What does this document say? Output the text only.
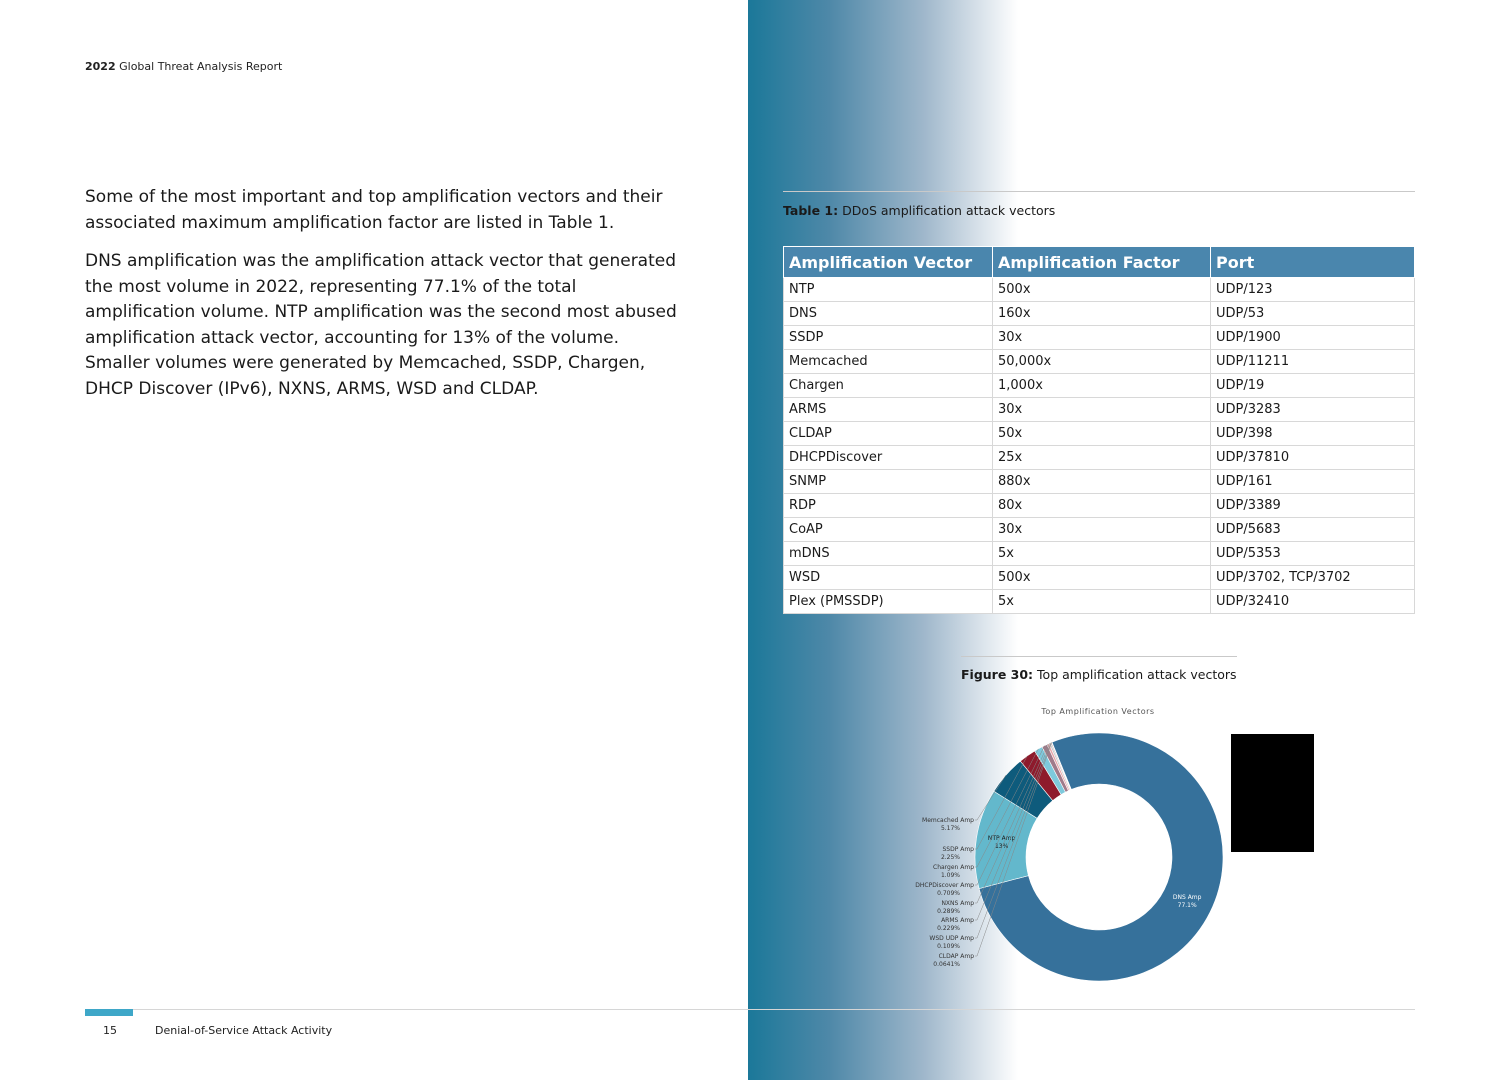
2022 Global Threat Analysis Report

Some of the most important and top amplification vectors and their associated maximum amplification factor are listed in Table 1.

DNS amplification was the amplification attack vector that generated the most volume in 2022, representing 77.1% of the total amplification volume. NTP amplification was the second most abused amplification attack vector, accounting for 13% of the volume. Smaller volumes were generated by Memcached, SSDP, Chargen, DHCP Discover (IPv6), NXNS, ARMS, WSD and CLDAP.

Table 1: DDoS amplification attack vectors
Amplification Vector	Amplification Factor	Port
NTP	500x	UDP/123
DNS	160x	UDP/53
SSDP	30x	UDP/1900
Memcached	50,000x	UDP/11211
Chargen	1,000x	UDP/19
ARMS	30x	UDP/3283
CLDAP	50x	UDP/398
DHCPDiscover	25x	UDP/37810
SNMP	880x	UDP/161
RDP	80x	UDP/3389
CoAP	30x	UDP/5683
mDNS	5x	UDP/5353
WSD	500x	UDP/3702, TCP/3702
Plex (PMSSDP)	5x	UDP/32410
Figure 30: Top amplification attack vectors
Top Amplification Vectors
DNS Amp
77.1%
NTP Amp
13%
Memcached Amp
5.17%
SSDP Amp
2.25%
Chargen Amp
1.09%
DHCPDiscover Amp
0.709%
NXNS Amp
0.289%
ARMS Amp
0.229%
WSD UDP Amp
0.109%
CLDAP Amp
0.0641%
15	Denial-of-Service Attack Activity
